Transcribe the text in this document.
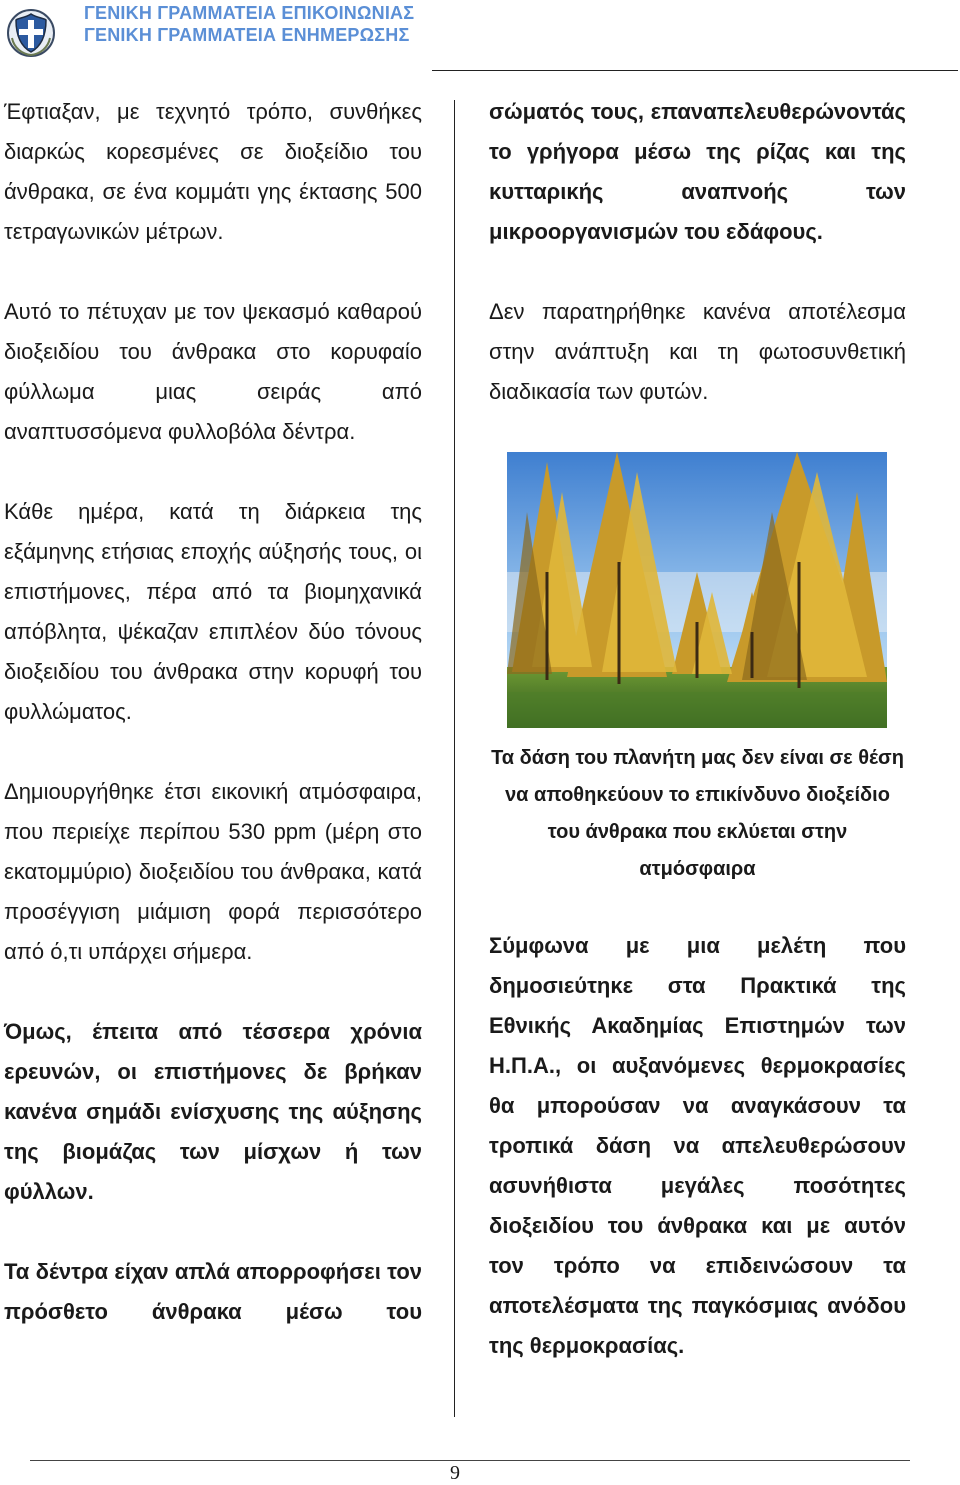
ΓΕΝΙΚΗ ΓΡΑΜΜΑΤΕΙΑ ΕΠΙΚΟΙΝΩΝΙΑΣ
ΓΕΝΙΚΗ ΓΡΑΜΜΑΤΕΙΑ ΕΝΗΜΕΡΩΣΗΣ

Έφτιαξαν, με τεχνητό τρόπο, συνθήκες διαρκώς κορεσμένες σε διοξείδιο του άνθρακα, σε ένα κομμάτι γης έκτασης 500 τετραγωνικών μέτρων.

Αυτό το πέτυχαν με τον ψεκασμό καθαρού διοξειδίου του άνθρακα στο κορυφαίο φύλλωμα μιας σειράς από αναπτυσσόμενα φυλλοβόλα δέντρα.

Κάθε ημέρα, κατά τη διάρκεια της εξάμηνης ετήσιας εποχής αύξησής τους, οι επιστήμονες, πέρα από τα βιομηχανικά απόβλητα, ψέκαζαν επιπλέον δύο τόνους διοξειδίου του άνθρακα στην κορυφή του φυλλώματος.

Δημιουργήθηκε έτσι εικονική ατμόσφαιρα, που περιείχε περίπου 530 ppm (μέρη στο εκατομμύριο) διοξειδίου του άνθρακα, κατά προσέγγιση μιάμιση φορά περισσότερο από ό,τι υπάρχει σήμερα.

Όμως, έπειτα από τέσσερα χρόνια ερευνών, οι επιστήμονες δε βρήκαν κανένα σημάδι ενίσχυσης της αύξησης της βιομάζας των μίσχων ή των φύλλων.

Τα δέντρα είχαν απλά απορροφήσει τον πρόσθετο άνθρακα μέσω του

σώματός τους, επαναπελευθερώνοντάς το γρήγορα μέσω της ρίζας και της κυτταρικής αναπνοής των μικροοργανισμών του εδάφους.

Δεν παρατηρήθηκε κανένα αποτέλεσμα στην ανάπτυξη και τη φωτοσυνθετική διαδικασία των φυτών.

Τα δάση του πλανήτη μας δεν είναι σε θέση να αποθηκεύουν το επικίνδυνο διοξείδιο του άνθρακα που εκλύεται στην ατμόσφαιρα

Σύμφωνα με μια μελέτη που δημοσιεύτηκε στα Πρακτικά της Εθνικής Ακαδημίας Επιστημών των Η.Π.Α., οι αυξανόμενες θερμοκρασίες θα μπορούσαν να αναγκάσουν τα τροπικά δάση να απελευθερώσουν ασυνήθιστα μεγάλες ποσότητες διοξειδίου του άνθρακα και με αυτόν τον τρόπο να επιδεινώσουν τα αποτελέσματα της παγκόσμιας ανόδου της θερμοκρασίας.

9
